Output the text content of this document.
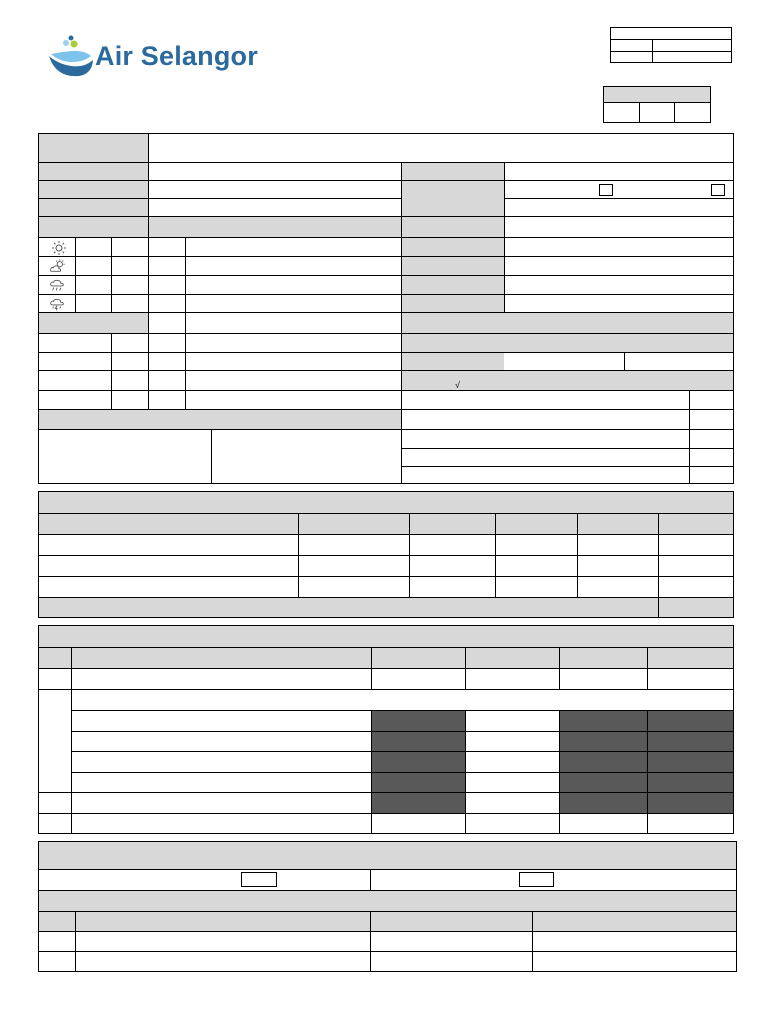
Air Selangor
√
